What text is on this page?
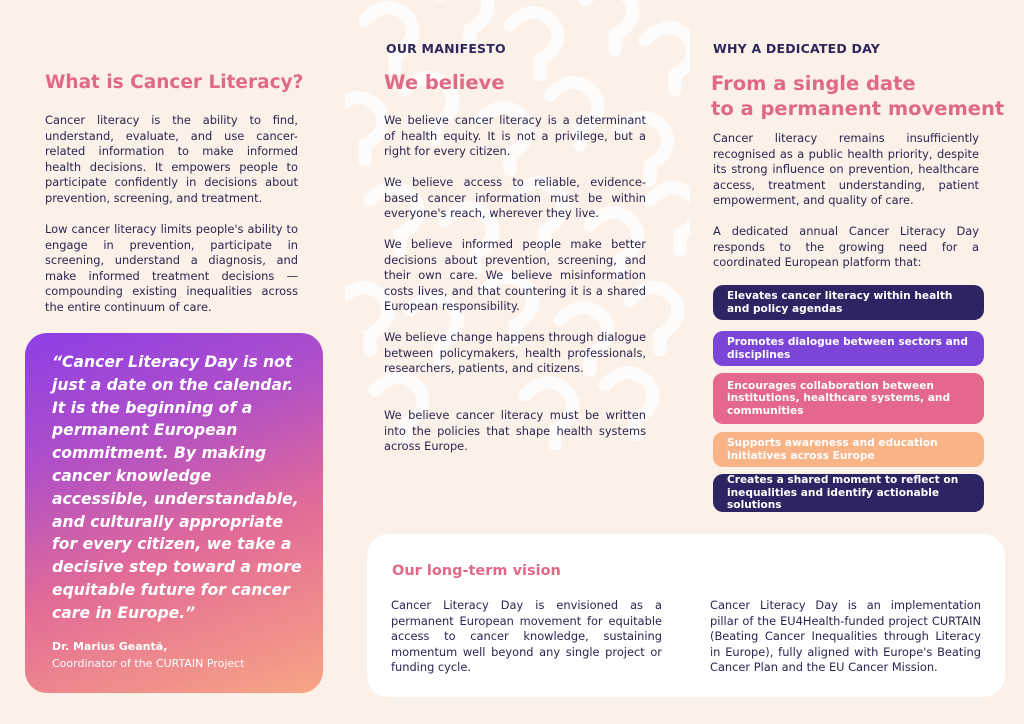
What is Cancer Literacy?

Cancer literacy is the ability to find, understand, evaluate, and use cancer-related information to make informed health decisions. It empowers people to participate confidently in decisions about prevention, screening, and treatment.

Low cancer literacy limits people's ability to engage in prevention, participate in screening, understand a diagnosis, and make informed treatment decisions — compounding existing inequalities across the entire continuum of care.

“Cancer Literacy Day is not just a date on the calendar. It is the beginning of a permanent European commitment. By making cancer knowledge accessible, understandable, and culturally appropriate for every citizen, we take a decisive step toward a more equitable future for cancer care in Europe.”
Dr. Marius Geantă,
Coordinator of the CURTAIN Project
OUR MANIFESTO
We believe

We believe cancer literacy is a determinant of health equity. It is not a privilege, but a right for every citizen.

We believe access to reliable, evidence-based cancer information must be within everyone's reach, wherever they live.

We believe informed people make better decisions about prevention, screening, and their own care. We believe misinformation costs lives, and that countering it is a shared European responsibility.

We believe change happens through dialogue between policymakers, health professionals, researchers, patients, and citizens.

We believe cancer literacy must be written into the policies that shape health systems across Europe.

WHY A DEDICATED DAY
From a single date
to a permanent movement

Cancer literacy remains insufficiently recognised as a public health priority, despite its strong influence on prevention, healthcare access, treatment understanding, patient empowerment, and quality of care.

A dedicated annual Cancer Literacy Day responds to the growing need for a coordinated European platform that:

Elevates cancer literacy within health and policy agendas
Promotes dialogue between sectors and disciplines
Encourages collaboration between institutions, healthcare systems, and communities
Supports awareness and education initiatives across Europe
Creates a shared moment to reflect on inequalities and identify actionable solutions
Our long-term vision

Cancer Literacy Day is envisioned as a permanent European movement for equitable access to cancer knowledge, sustaining momentum well beyond any single project or funding cycle.

Cancer Literacy Day is an implementation pillar of the EU4Health-funded project CURTAIN (Beating Cancer Inequalities through Literacy in Europe), fully aligned with Europe's Beating Cancer Plan and the EU Cancer Mission.
